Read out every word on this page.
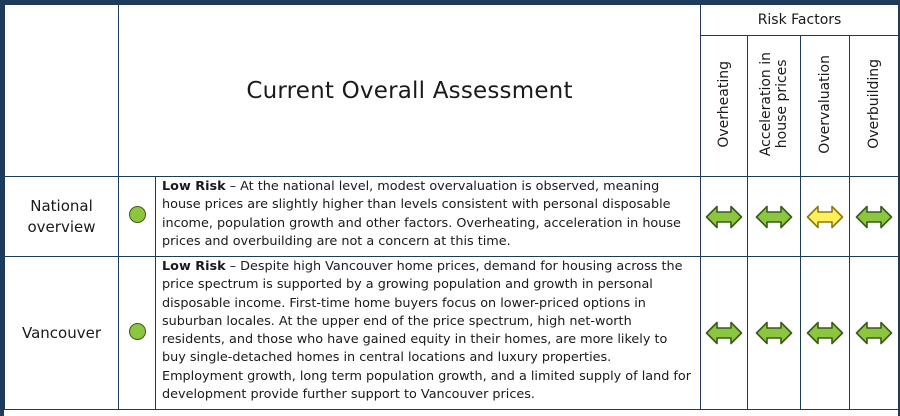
	Current Overall Assessment		Risk Factors			
			Overheating	Acceleration in
house prices	Overvaluation	Overbuilding
National
overview		Low Risk – At the national level, modest overvaluation is observed, meaning house prices are slightly higher than levels consistent with personal disposable income, population growth and other factors. Overheating, acceleration in house prices and overbuilding are not a concern at this time.				
Vancouver		Low Risk – Despite high Vancouver home prices, demand for housing across the price spectrum is supported by a growing population and growth in personal disposable income. First-time home buyers focus on lower-priced options in suburban locales. At the upper end of the price spectrum, high net-worth residents, and those who have gained equity in their homes, are more likely to buy single-detached homes in central locations and luxury properties. Employment growth, long term population growth, and a limited supply of land for development provide further support to Vancouver prices.				
